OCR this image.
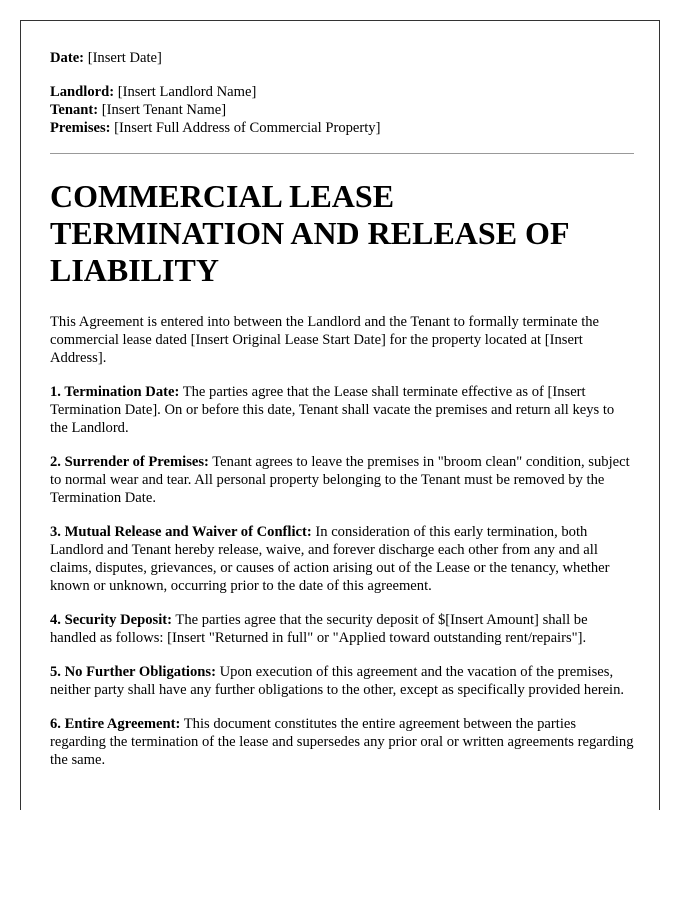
Date: [Insert Date]

Landlord: [Insert Landlord Name]

Tenant: [Insert Tenant Name]

Premises: [Insert Full Address of Commercial Property]

COMMERCIAL LEASE TERMINATION AND RELEASE OF LIABILITY

This Agreement is entered into between the Landlord and the Tenant to formally terminate the commercial lease dated [Insert Original Lease Start Date] for the property located at [Insert Address].

1. Termination Date: The parties agree that the Lease shall terminate effective as of [Insert Termination Date]. On or before this date, Tenant shall vacate the premises and return all keys to the Landlord.

2. Surrender of Premises: Tenant agrees to leave the premises in "broom clean" condition, subject to normal wear and tear. All personal property belonging to the Tenant must be removed by the Termination Date.

3. Mutual Release and Waiver of Conflict: In consideration of this early termination, both Landlord and Tenant hereby release, waive, and forever discharge each other from any and all claims, disputes, grievances, or causes of action arising out of the Lease or the tenancy, whether known or unknown, occurring prior to the date of this agreement.

4. Security Deposit: The parties agree that the security deposit of $[Insert Amount] shall be handled as follows: [Insert "Returned in full" or "Applied toward outstanding rent/repairs"].

5. No Further Obligations: Upon execution of this agreement and the vacation of the premises, neither party shall have any further obligations to the other, except as specifically provided herein.

6. Entire Agreement: This document constitutes the entire agreement between the parties regarding the termination of the lease and supersedes any prior oral or written agreements regarding the same.
